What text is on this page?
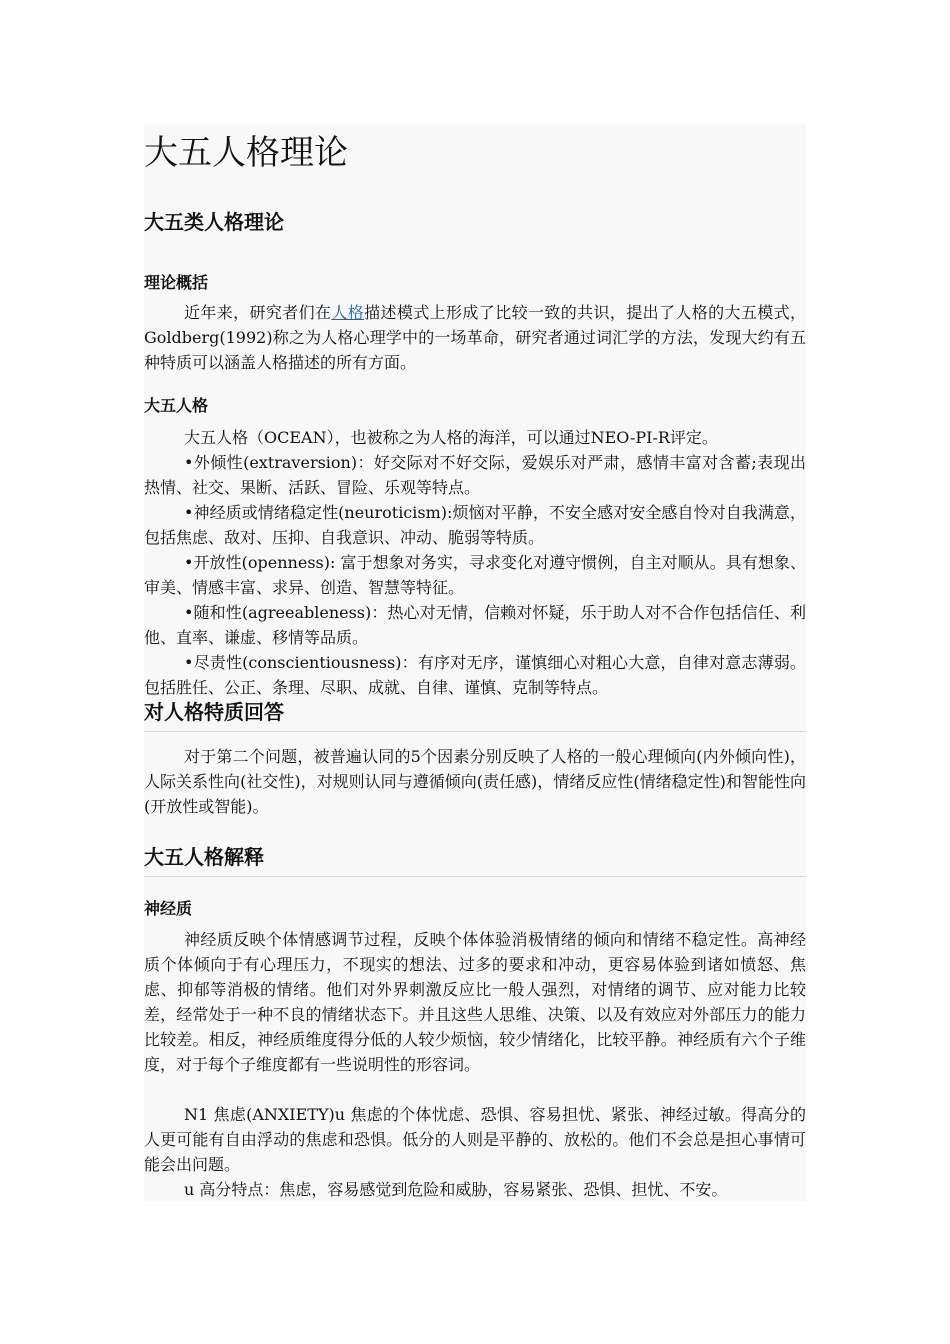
大五人格理论
大五类人格理论
理论概括

近年来，研究者们在人格描述模式上形成了比较一致的共识，提出了人格的大五模式， Goldberg(1992)称之为人格心理学中的一场革命，研究者通过词汇学的方法，发现大约有五种特质可以涵盖人格描述的所有方面。

大五人格

大五人格（OCEAN），也被称之为人格的海洋，可以通过NEO-PI-R评定。

•外倾性(extraversion)：好交际对不好交际，爱娱乐对严肃，感情丰富对含蓄;表现出热情、社交、果断、活跃、冒险、乐观等特点。

•神经质或情绪稳定性(neuroticism):烦恼对平静，不安全感对安全感自怜对自我满意，包括焦虑、敌对、压抑、自我意识、冲动、脆弱等特质。

•开放性(openness): 富于想象对务实，寻求变化对遵守惯例，自主对顺从。具有想象、审美、情感丰富、求异、创造、智慧等特征。

•随和性(agreeableness)：热心对无情，信赖对怀疑，乐于助人对不合作包括信任、利他、直率、谦虚、移情等品质。

•尽责性(conscientiousness)：有序对无序，谨慎细心对粗心大意，自律对意志薄弱。包括胜任、公正、条理、尽职、成就、自律、谨慎、克制等特点。

对人格特质回答

对于第二个问题，被普遍认同的5个因素分别反映了人格的一般心理倾向(内外倾向性)，人际关系性向(社交性)，对规则认同与遵循倾向(责任感)，情绪反应性(情绪稳定性)和智能性向(开放性或智能)。

大五人格解释
神经质

神经质反映个体情感调节过程，反映个体体验消极情绪的倾向和情绪不稳定性。高神经质个体倾向于有心理压力，不现实的想法、过多的要求和冲动，更容易体验到诸如愤怒、焦虑、抑郁等消极的情绪。他们对外界刺激反应比一般人强烈，对情绪的调节、应对能力比较差，经常处于一种不良的情绪状态下。并且这些人思维、决策、以及有效应对外部压力的能力比较差。相反，神经质维度得分低的人较少烦恼，较少情绪化，比较平静。神经质有六个子维度，对于每个子维度都有一些说明性的形容词。

N1 焦虑(ANXIETY)u 焦虑的个体忧虑、恐惧、容易担忧、紧张、神经过敏。得高分的人更可能有自由浮动的焦虑和恐惧。低分的人则是平静的、放松的。他们不会总是担心事情可能会出问题。

u 高分特点：焦虑，容易感觉到危险和威胁，容易紧张、恐惧、担忧、不安。
